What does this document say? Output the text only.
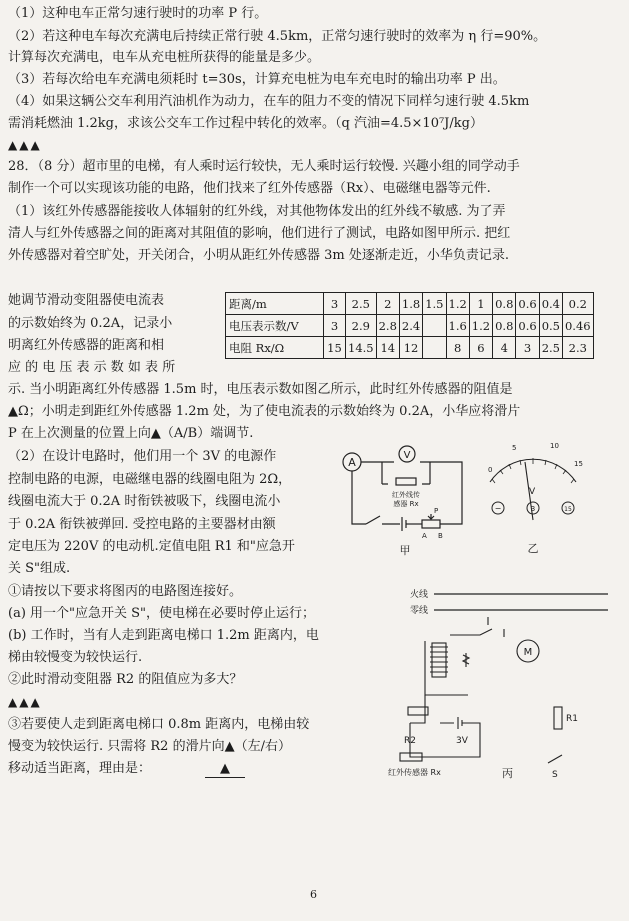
（1）这种电车正常匀速行驶时的功率 P 行。
（2）若这种电车每次充满电后持续正常行驶 4.5km，正常匀速行驶时的效率为 η 行=90%。
计算每次充满电，电车从充电桩所获得的能量是多少。
（3）若每次给电车充满电须耗时 t=30s，计算充电桩为电车充电时的输出功率 P 出。
（4）如果这辆公交车利用汽油机作为动力，在车的阻力不变的情况下同样匀速行驶 4.5km
需消耗燃油 1.2kg，求该公交车工作过程中转化的效率。（q 汽油=4.5×10⁷J/kg）
▲▲▲
28．（8 分）超市里的电梯，有人乘时运行较快，无人乘时运行较慢. 兴趣小组的同学动手
制作一个可以实现该功能的电路，他们找来了红外传感器（Rx）、电磁继电器等元件.
（1）该红外传感器能接收人体辐射的红外线，对其他物体发出的红外线不敏感. 为了弄
清人与红外传感器之间的距离对其阻值的影响，他们进行了测试，电路如图甲所示. 把红
外传感器对着空旷处，开关闭合，小明从距红外传感器 3m 处逐渐走近，小华负责记录.
她调节滑动变阻器使电流表
的示数始终为 0.2A，记录小
明离红外传感器的距离和相
应 的 电 压 表 示 数 如 表 所
示. 当小明距离红外传感器 1.5m 时，电压表示数如图乙所示，此时红外传感器的阻值是
▲Ω；小明走到距红外传感器 1.2m 处，为了使电流表的示数始终为 0.2A，小华应将滑片
P 在上次测量的位置上向▲（A/B）端调节.
（2）在设计电路时，他们用一个 3V 的电源作
控制电路的电源，电磁继电器的线圈电阻为 2Ω，
线圈电流大于 0.2A 时衔铁被吸下，线圈电流小
于 0.2A 衔铁被弹回. 受控电路的主要器材由额
定电压为 220V 的电动机.定值电阻 R1 和"应急开
关 S"组成.
①请按以下要求将图丙的电路图连接好。
(a) 用一个"应急开关 S"，使电梯在必要时停止运行；
(b) 工作时，当有人走到距离电梯口 1.2m 距离内，电
梯由较慢变为较快运行.
②此时滑动变阻器 R2 的阻值应为多大？
▲▲▲
③若要使人走到距离电梯口 0.8m 距离内，电梯由较
慢变为较快运行. 只需将 R2 的滑片向▲（左/右）
移动适当距离，理由是：	▲
距离/m	3	2.5	2	1.8	1.5	1.2	1	0.8	0.6	0.4	0.2
电压表示数/V	3	2.9	2.8	2.4		1.6	1.2	0.8	0.6	0.5	0.46
电阻 Rx/Ω	15	14.5	14	12		8	6	4	3	2.5	2.3
A
V
红外线传
感器 Rx
A B
P
甲
0
5	10
15
V
−	3	15
乙
火线
零线
M
R1
R2	3V
红外传感器 Rx	S
丙
6
